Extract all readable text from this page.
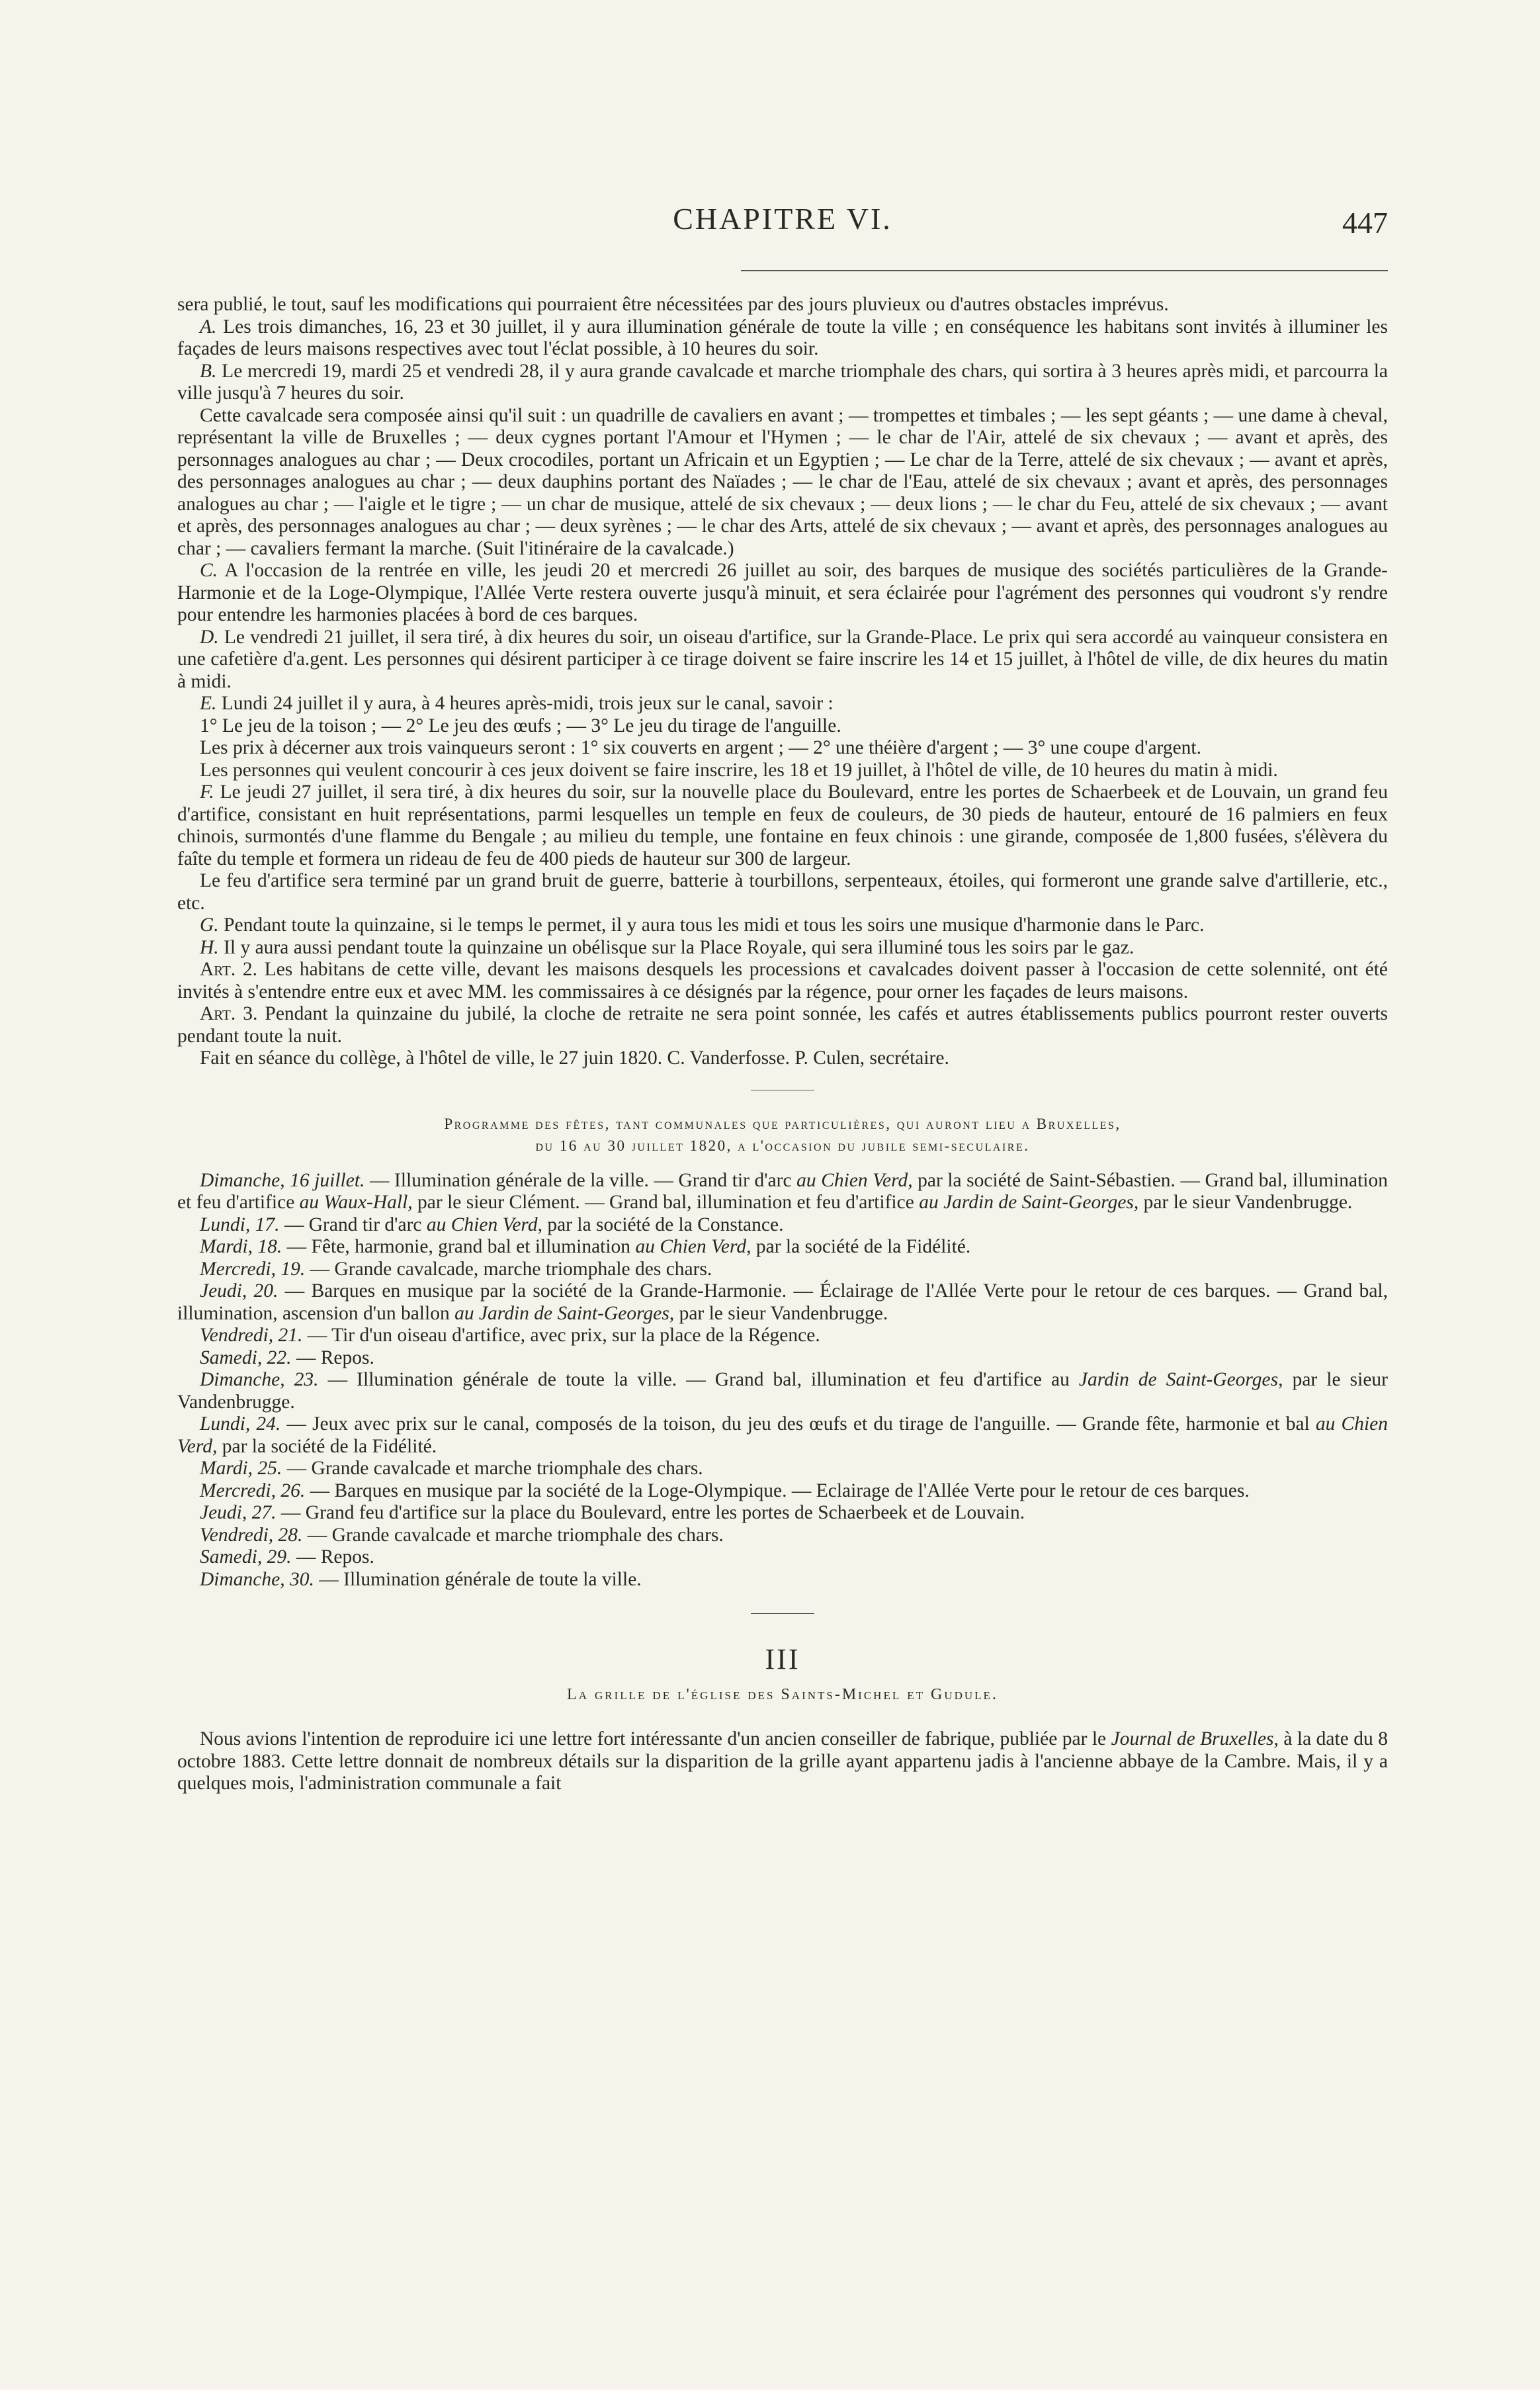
CHAPITRE VI.	447

sera publié, le tout, sauf les modifications qui pourraient être nécessitées par des jours pluvieux ou d'autres obstacles imprévus.

A. Les trois dimanches, 16, 23 et 30 juillet, il y aura illumination générale de toute la ville ; en conséquence les habitans sont invités à illuminer les façades de leurs maisons respectives avec tout l'éclat possible, à 10 heures du soir.

B. Le mercredi 19, mardi 25 et vendredi 28, il y aura grande cavalcade et marche triomphale des chars, qui sortira à 3 heures après midi, et parcourra la ville jusqu'à 7 heures du soir.

Cette cavalcade sera composée ainsi qu'il suit : un quadrille de cavaliers en avant ; — trompettes et timbales ; — les sept géants ; — une dame à cheval, représentant la ville de Bruxelles ; — deux cygnes portant l'Amour et l'Hymen ; — le char de l'Air, attelé de six chevaux ; — avant et après, des personnages analogues au char ; — Deux crocodiles, portant un Africain et un Egyptien ; — Le char de la Terre, attelé de six chevaux ; — avant et après, des personnages analogues au char ; — deux dauphins portant des Naïades ; — le char de l'Eau, attelé de six chevaux ; avant et après, des personnages analogues au char ; — l'aigle et le tigre ; — un char de musique, attelé de six chevaux ; — deux lions ; — le char du Feu, attelé de six chevaux ; — avant et après, des personnages analogues au char ; — deux syrènes ; — le char des Arts, attelé de six chevaux ; — avant et après, des personnages analogues au char ; — cavaliers fermant la marche. (Suit l'itinéraire de la cavalcade.)

C. A l'occasion de la rentrée en ville, les jeudi 20 et mercredi 26 juillet au soir, des barques de musique des sociétés particulières de la Grande-Harmonie et de la Loge-Olympique, l'Allée Verte restera ouverte jusqu'à minuit, et sera éclairée pour l'agrément des personnes qui voudront s'y rendre pour entendre les harmonies placées à bord de ces barques.

D. Le vendredi 21 juillet, il sera tiré, à dix heures du soir, un oiseau d'artifice, sur la Grande-Place. Le prix qui sera accordé au vainqueur consistera en une cafetière d'a.gent. Les personnes qui désirent participer à ce tirage doivent se faire inscrire les 14 et 15 juillet, à l'hôtel de ville, de dix heures du matin à midi.

E. Lundi 24 juillet il y aura, à 4 heures après-midi, trois jeux sur le canal, savoir :

1° Le jeu de la toison ; — 2° Le jeu des œufs ; — 3° Le jeu du tirage de l'anguille.

Les prix à décerner aux trois vainqueurs seront : 1° six couverts en argent ; — 2° une théière d'argent ; — 3° une coupe d'argent.

Les personnes qui veulent concourir à ces jeux doivent se faire inscrire, les 18 et 19 juillet, à l'hôtel de ville, de 10 heures du matin à midi.

F. Le jeudi 27 juillet, il sera tiré, à dix heures du soir, sur la nouvelle place du Boulevard, entre les portes de Schaerbeek et de Louvain, un grand feu d'artifice, consistant en huit représentations, parmi lesquelles un temple en feux de couleurs, de 30 pieds de hauteur, entouré de 16 palmiers en feux chinois, surmontés d'une flamme du Bengale ; au milieu du temple, une fontaine en feux chinois : une girande, composée de 1,800 fusées, s'élèvera du faîte du temple et formera un rideau de feu de 400 pieds de hauteur sur 300 de largeur.

Le feu d'artifice sera terminé par un grand bruit de guerre, batterie à tourbillons, serpenteaux, étoiles, qui formeront une grande salve d'artillerie, etc., etc.

G. Pendant toute la quinzaine, si le temps le permet, il y aura tous les midi et tous les soirs une musique d'harmonie dans le Parc.

H. Il y aura aussi pendant toute la quinzaine un obélisque sur la Place Royale, qui sera illuminé tous les soirs par le gaz.

Art. 2. Les habitans de cette ville, devant les maisons desquels les processions et cavalcades doivent passer à l'occasion de cette solennité, ont été invités à s'entendre entre eux et avec MM. les commissaires à ce désignés par la régence, pour orner les façades de leurs maisons.

Art. 3. Pendant la quinzaine du jubilé, la cloche de retraite ne sera point sonnée, les cafés et autres établissements publics pourront rester ouverts pendant toute la nuit.

Fait en séance du collège, à l'hôtel de ville, le 27 juin 1820. C. Vanderfosse. P. Culen, secrétaire.

Programme des fêtes, tant communales que particulières, qui auront lieu a Bruxelles,
du 16 au 30 juillet 1820, a l'occasion du jubile semi-seculaire.

Dimanche, 16 juillet. — Illumination générale de la ville. — Grand tir d'arc au Chien Verd, par la société de Saint-Sébastien. — Grand bal, illumination et feu d'artifice au Waux-Hall, par le sieur Clément. — Grand bal, illumination et feu d'artifice au Jardin de Saint-Georges, par le sieur Vandenbrugge.

Lundi, 17. — Grand tir d'arc au Chien Verd, par la société de la Constance.

Mardi, 18. — Fête, harmonie, grand bal et illumination au Chien Verd, par la société de la Fidélité.

Mercredi, 19. — Grande cavalcade, marche triomphale des chars.

Jeudi, 20. — Barques en musique par la société de la Grande-Harmonie. — Éclairage de l'Allée Verte pour le retour de ces barques. — Grand bal, illumination, ascension d'un ballon au Jardin de Saint-Georges, par le sieur Vandenbrugge.

Vendredi, 21. — Tir d'un oiseau d'artifice, avec prix, sur la place de la Régence.

Samedi, 22. — Repos.

Dimanche, 23. — Illumination générale de toute la ville. — Grand bal, illumination et feu d'artifice au Jardin de Saint-Georges, par le sieur Vandenbrugge.

Lundi, 24. — Jeux avec prix sur le canal, composés de la toison, du jeu des œufs et du tirage de l'anguille. — Grande fête, harmonie et bal au Chien Verd, par la société de la Fidélité.

Mardi, 25. — Grande cavalcade et marche triomphale des chars.

Mercredi, 26. — Barques en musique par la société de la Loge-Olympique. — Eclairage de l'Allée Verte pour le retour de ces barques.

Jeudi, 27. — Grand feu d'artifice sur la place du Boulevard, entre les portes de Schaerbeek et de Louvain.

Vendredi, 28. — Grande cavalcade et marche triomphale des chars.

Samedi, 29. — Repos.

Dimanche, 30. — Illumination générale de toute la ville.

III
La grille de l'église des Saints-Michel et Gudule.

Nous avions l'intention de reproduire ici une lettre fort intéressante d'un ancien conseiller de fabrique, publiée par le Journal de Bruxelles, à la date du 8 octobre 1883. Cette lettre donnait de nombreux détails sur la disparition de la grille ayant appartenu jadis à l'ancienne abbaye de la Cambre. Mais, il y a quelques mois, l'administration communale a fait
